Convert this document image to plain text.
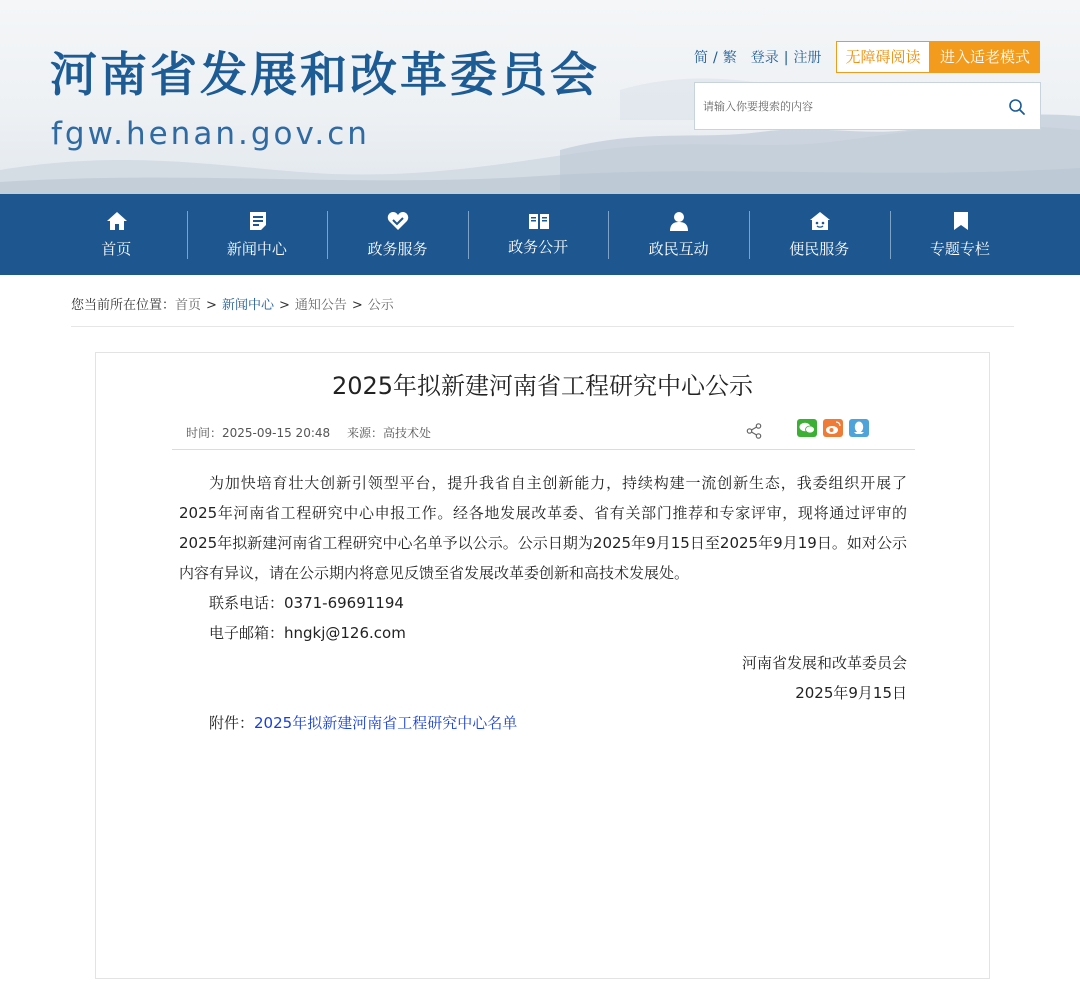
河南省发展和改革委员会
fgw.henan.gov.cn
简 / 繁 登录 | 注册	无障碍阅读	进入适老模式
请输入你要搜索的内容
首页	新闻中心	政务服务	政务公开	政民互动	便民服务	专题专栏
您当前所在位置：首页 > 新闻中心 > 通知公告 > 公示
2025年拟新建河南省工程研究中心公示
时间：2025-09-15 20:48 来源：高技术处

为加快培育壮大创新引领型平台，提升我省自主创新能力，持续构建一流创新生态，我委组织开展了2025年河南省工程研究中心申报工作。经各地发展改革委、省有关部门推荐和专家评审，现将通过评审的2025年拟新建河南省工程研究中心名单予以公示。公示日期为2025年9月15日至2025年9月19日。如对公示内容有异议，请在公示期内将意见反馈至省发展改革委创新和高技术发展处。

联系电话：0371-69691194

电子邮箱：hngkj@126.com

河南省发展和改革委员会

2025年9月15日

附件：2025年拟新建河南省工程研究中心名单
